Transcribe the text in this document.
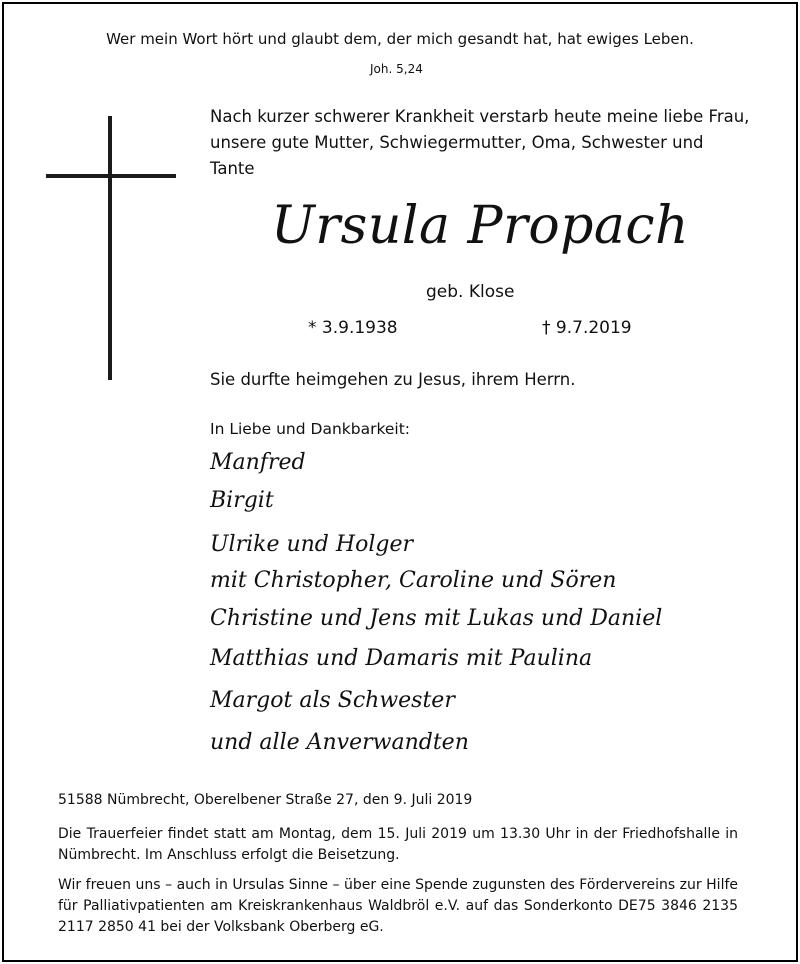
Wer mein Wort hört und glaubt dem, der mich gesandt hat, hat ewiges Leben.
Joh. 5,24
Nach kurzer schwerer Krankheit verstarb heute meine liebe Frau, unsere gute Mutter, Schwiegermutter, Oma, Schwester und Tante
Ursula Propach
geb. Klose
* 3.9.1938	† 9.7.2019
Sie durfte heimgehen zu Jesus, ihrem Herrn.
In Liebe und Dankbarkeit:
Manfred
Birgit
Ulrike und Holger
mit Christopher, Caroline und Sören
Christine und Jens mit Lukas und Daniel
Matthias und Damaris mit Paulina
Margot als Schwester
und alle Anverwandten
51588 Nümbrecht, Oberelbener Straße 27, den 9. Juli 2019
Die Trauerfeier findet statt am Montag, dem 15. Juli 2019 um 13.30 Uhr in der Friedhofshalle in Nümbrecht. Im Anschluss erfolgt die Beisetzung.
Wir freuen uns – auch in Ursulas Sinne – über eine Spende zugunsten des Fördervereins zur Hilfe für Palliativpatienten am Kreiskrankenhaus Waldbröl e.V. auf das Sonderkonto DE75 3846 2135 2117 2850 41 bei der Volksbank Oberberg eG.
